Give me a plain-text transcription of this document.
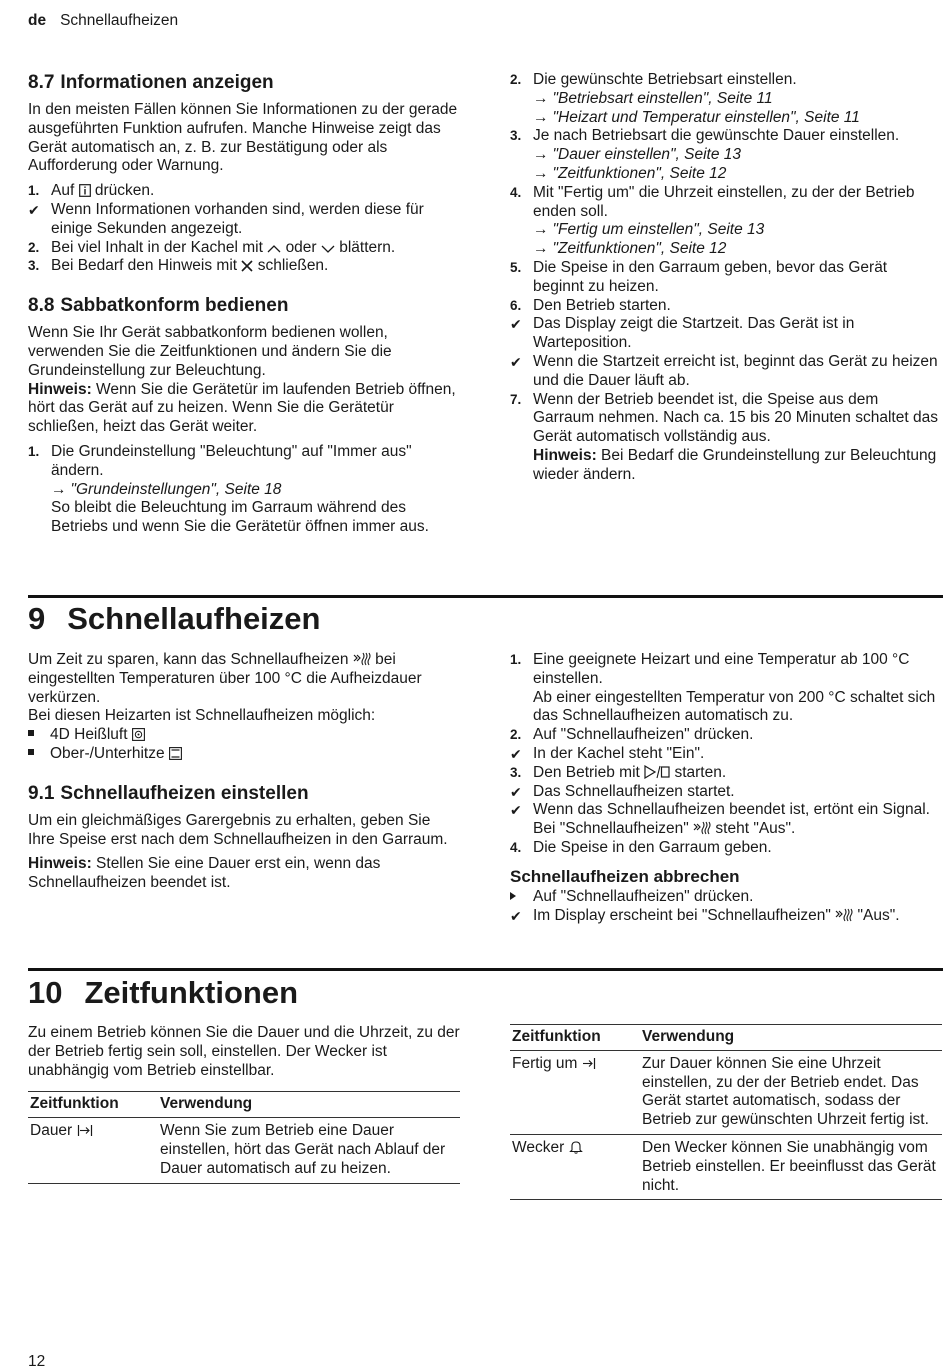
de Schnellaufheizen
8.7 Informationen anzeigen

In den meisten Fällen können Sie Informationen zu der gerade ausgeführten Funktion aufrufen. Manche Hinweise zeigt das Gerät automatisch an, z. B. zur Bestätigung oder als Aufforderung oder Warnung.

1. Auf drücken.
✔ Wenn Informationen vorhanden sind, werden diese für einige Sekunden angezeigt.
2. Bei viel Inhalt in der Kachel mit oder blättern.
3. Bei Bedarf den Hinweis mit schließen.
8.8 Sabbatkonform bedienen

Wenn Sie Ihr Gerät sabbatkonform bedienen wollen, verwenden Sie die Zeitfunktionen und ändern Sie die Grundeinstellung zur Beleuchtung.

Hinweis: Wenn Sie die Gerätetür im laufenden Betrieb öffnen, hört das Gerät auf zu heizen. Wenn Sie die Gerätetür schließen, heizt das Gerät weiter.

1. Die Grundeinstellung "Beleuchtung" auf "Immer aus" ändern.
→ "Grundeinstellungen", Seite 18
So bleibt die Beleuchtung im Garraum während des Betriebs und wenn Sie die Gerätetür öffnen immer aus.
2. Die gewünschte Betriebsart einstellen.
→ "Betriebsart einstellen", Seite 11
→ "Heizart und Temperatur einstellen", Seite 11
3. Je nach Betriebsart die gewünschte Dauer einstellen.
→ "Dauer einstellen", Seite 13
→ "Zeitfunktionen", Seite 12
4. Mit "Fertig um" die Uhrzeit einstellen, zu der der Betrieb enden soll.
→ "Fertig um einstellen", Seite 13
→ "Zeitfunktionen", Seite 12
5. Die Speise in den Garraum geben, bevor das Gerät beginnt zu heizen.
6. Den Betrieb starten.
✔ Das Display zeigt die Startzeit. Das Gerät ist in Warteposition.
✔ Wenn die Startzeit erreicht ist, beginnt das Gerät zu heizen und die Dauer läuft ab.
7. Wenn der Betrieb beendet ist, die Speise aus dem Garraum nehmen. Nach ca. 15 bis 20 Minuten schaltet das Gerät automatisch vollständig aus.
Hinweis: Bei Bedarf die Grundeinstellung zur Beleuchtung wieder ändern.
9 Schnellaufheizen

Um Zeit zu sparen, kann das Schnellaufheizen bei eingestellten Temperaturen über 100 °C die Aufheizdauer verkürzen.

Bei diesen Heizarten ist Schnellaufheizen möglich:

4D Heißluft
Ober-/Unterhitze
9.1 Schnellaufheizen einstellen

Um ein gleichmäßiges Garergebnis zu erhalten, geben Sie Ihre Speise erst nach dem Schnellaufheizen in den Garraum.

Hinweis: Stellen Sie eine Dauer erst ein, wenn das Schnellaufheizen beendet ist.

1. Eine geeignete Heizart und eine Temperatur ab 100 °C einstellen.
Ab einer eingestellten Temperatur von 200 °C schaltet sich das Schnellaufheizen automatisch zu.
2. Auf "Schnellaufheizen" drücken.
✔ In der Kachel steht "Ein".
3. Den Betrieb mit starten.
✔ Das Schnellaufheizen startet.
✔ Wenn das Schnellaufheizen beendet ist, ertönt ein Signal. Bei "Schnellaufheizen" steht "Aus".
4. Die Speise in den Garraum geben.
Schnellaufheizen abbrechen
Auf "Schnellaufheizen" drücken.
✔ Im Display erscheint bei "Schnellaufheizen" "Aus".
10 Zeitfunktionen

Zu einem Betrieb können Sie die Dauer und die Uhrzeit, zu der der Betrieb fertig sein soll, einstellen. Der Wecker ist unabhängig vom Betrieb einstellbar.

Zeitfunktion	Verwendung
Dauer	Wenn Sie zum Betrieb eine Dauer einstellen, hört das Gerät nach Ablauf der Dauer automatisch auf zu heizen.
Zeitfunktion	Verwendung
Fertig um	Zur Dauer können Sie eine Uhrzeit einstellen, zu der der Betrieb endet. Das Gerät startet automatisch, sodass der Betrieb zur gewünschten Uhrzeit fertig ist.
Wecker	Den Wecker können Sie unabhängig vom Betrieb einstellen. Er beeinflusst das Gerät nicht.
12
